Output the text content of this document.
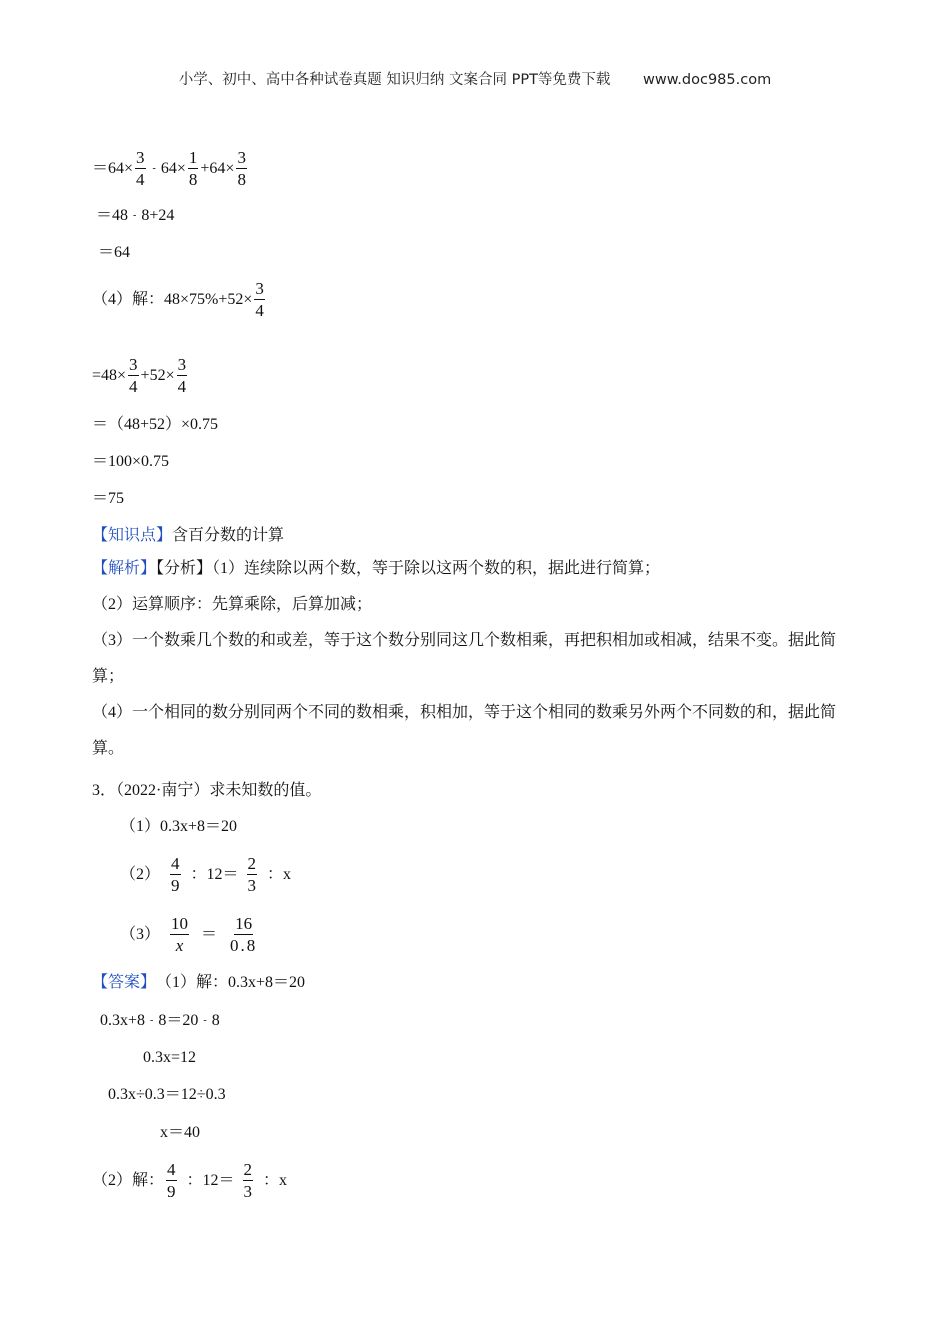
小学、初中、高中各种试卷真题 知识归纳 文案合同 PPT等免费下载 www.doc985.com
$=64\times \frac{3}{4} - 64\times \frac{1}{8} +64\times \frac{3}{8}$
＝48 - 8+24
＝64
（4）解：$48\times 75\%+52\times \frac{3}{4}$
$=48\times \frac{3}{4} +52\times \frac{3}{4}$
＝（48+52）×0.75
＝100×0.75
＝75
【知识点】 含百分数的计算
【解析】【分析】（1）连续除以两个数，等于除以这两个数的积，据此进行简算；
（2）运算顺序：先算乘除，后算加减；
（3）一个数乘几个数的和或差，等于这个数分别同这几个数相乘，再把积相加或相减，结果不变。据此简算；
（4）一个相同的数分别同两个不同的数相乘，积相加，等于这个相同的数乘另外两个不同数的和，据此简算。
3．（2022·南宁）求未知数的值。
（1）0.3x+8＝20
$(2) \frac{4}{9}$ ：$12= \frac{2}{3}$ ：x
$(3) \frac{10}{x} = \frac{16}{0.8}$
【答案】 （1）解：0.3x+8＝20
0.3x+8 - 8＝20 - 8
0.3x=12
0.3x÷0.3＝12÷0.3
x＝40
（2）解： $\frac{4}{9}$ ：$12= \frac{2}{3}$ ：x
